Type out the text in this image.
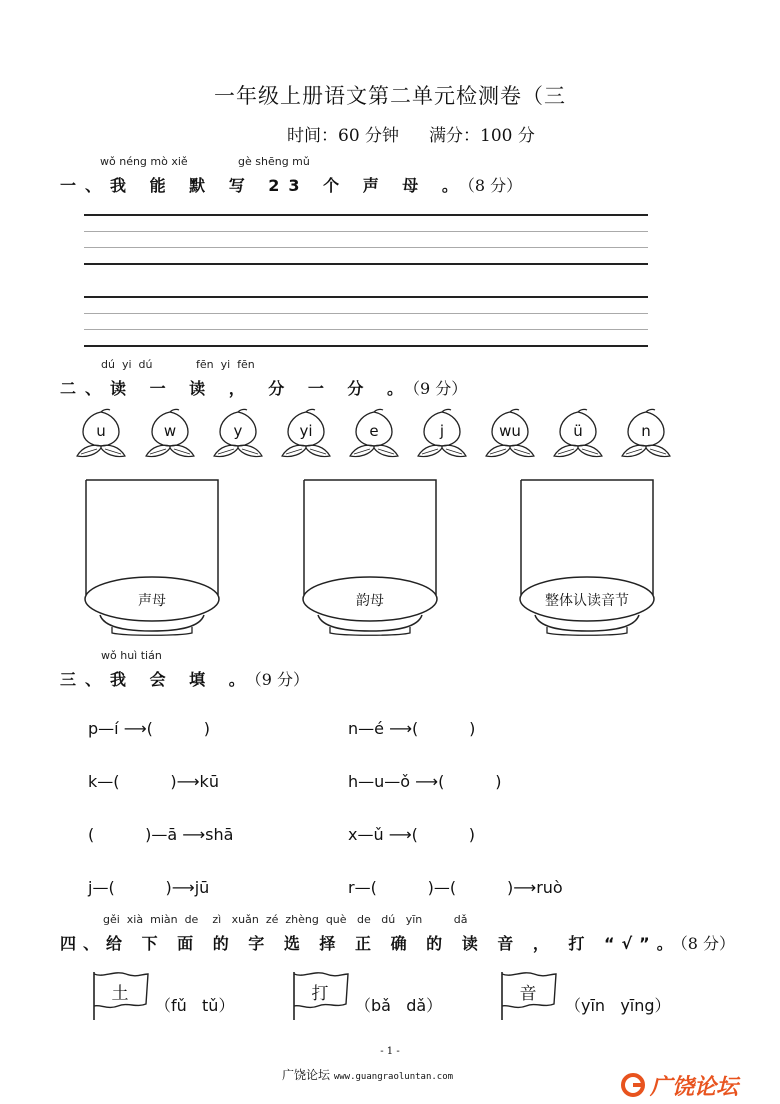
一年级上册语文第二单元检测卷（三
时间：60 分钟 满分：100 分
wǒ néng mò xiě	gè shēng mǔ
一、我 能 默 写 23 个 声 母 。（8 分）
dú  yi  dú	fēn  yi  fēn
二、读 一 读 ， 分 一 分 。（9 分）
u	w	y	yi	e	j	wu	ü	n
声母	韵母	整体认读音节
wǒ huì tián
三、我 会 填 。（9 分）
p—í ⟶(          )	n—é ⟶(          )
k—(          )⟶kū	h—u—ǒ ⟶(          )
(          )—ā ⟶shā	x—ǔ ⟶(          )
j—(          )⟶jū	r—(          )—(          )⟶ruò
gěi  xià  miàn  de    zì   xuǎn  zé  zhèng  què   de   dú   yīn         dǎ
四、给 下 面 的 字 选 择 正 确 的 读 音 ， 打 “√”。（8 分）
土
（fǔ   tǔ）
打
（bǎ   dǎ）
音
（yīn   yīng）
- 1 -
广饶论坛 www.guangraoluntan.com	广饶论坛
